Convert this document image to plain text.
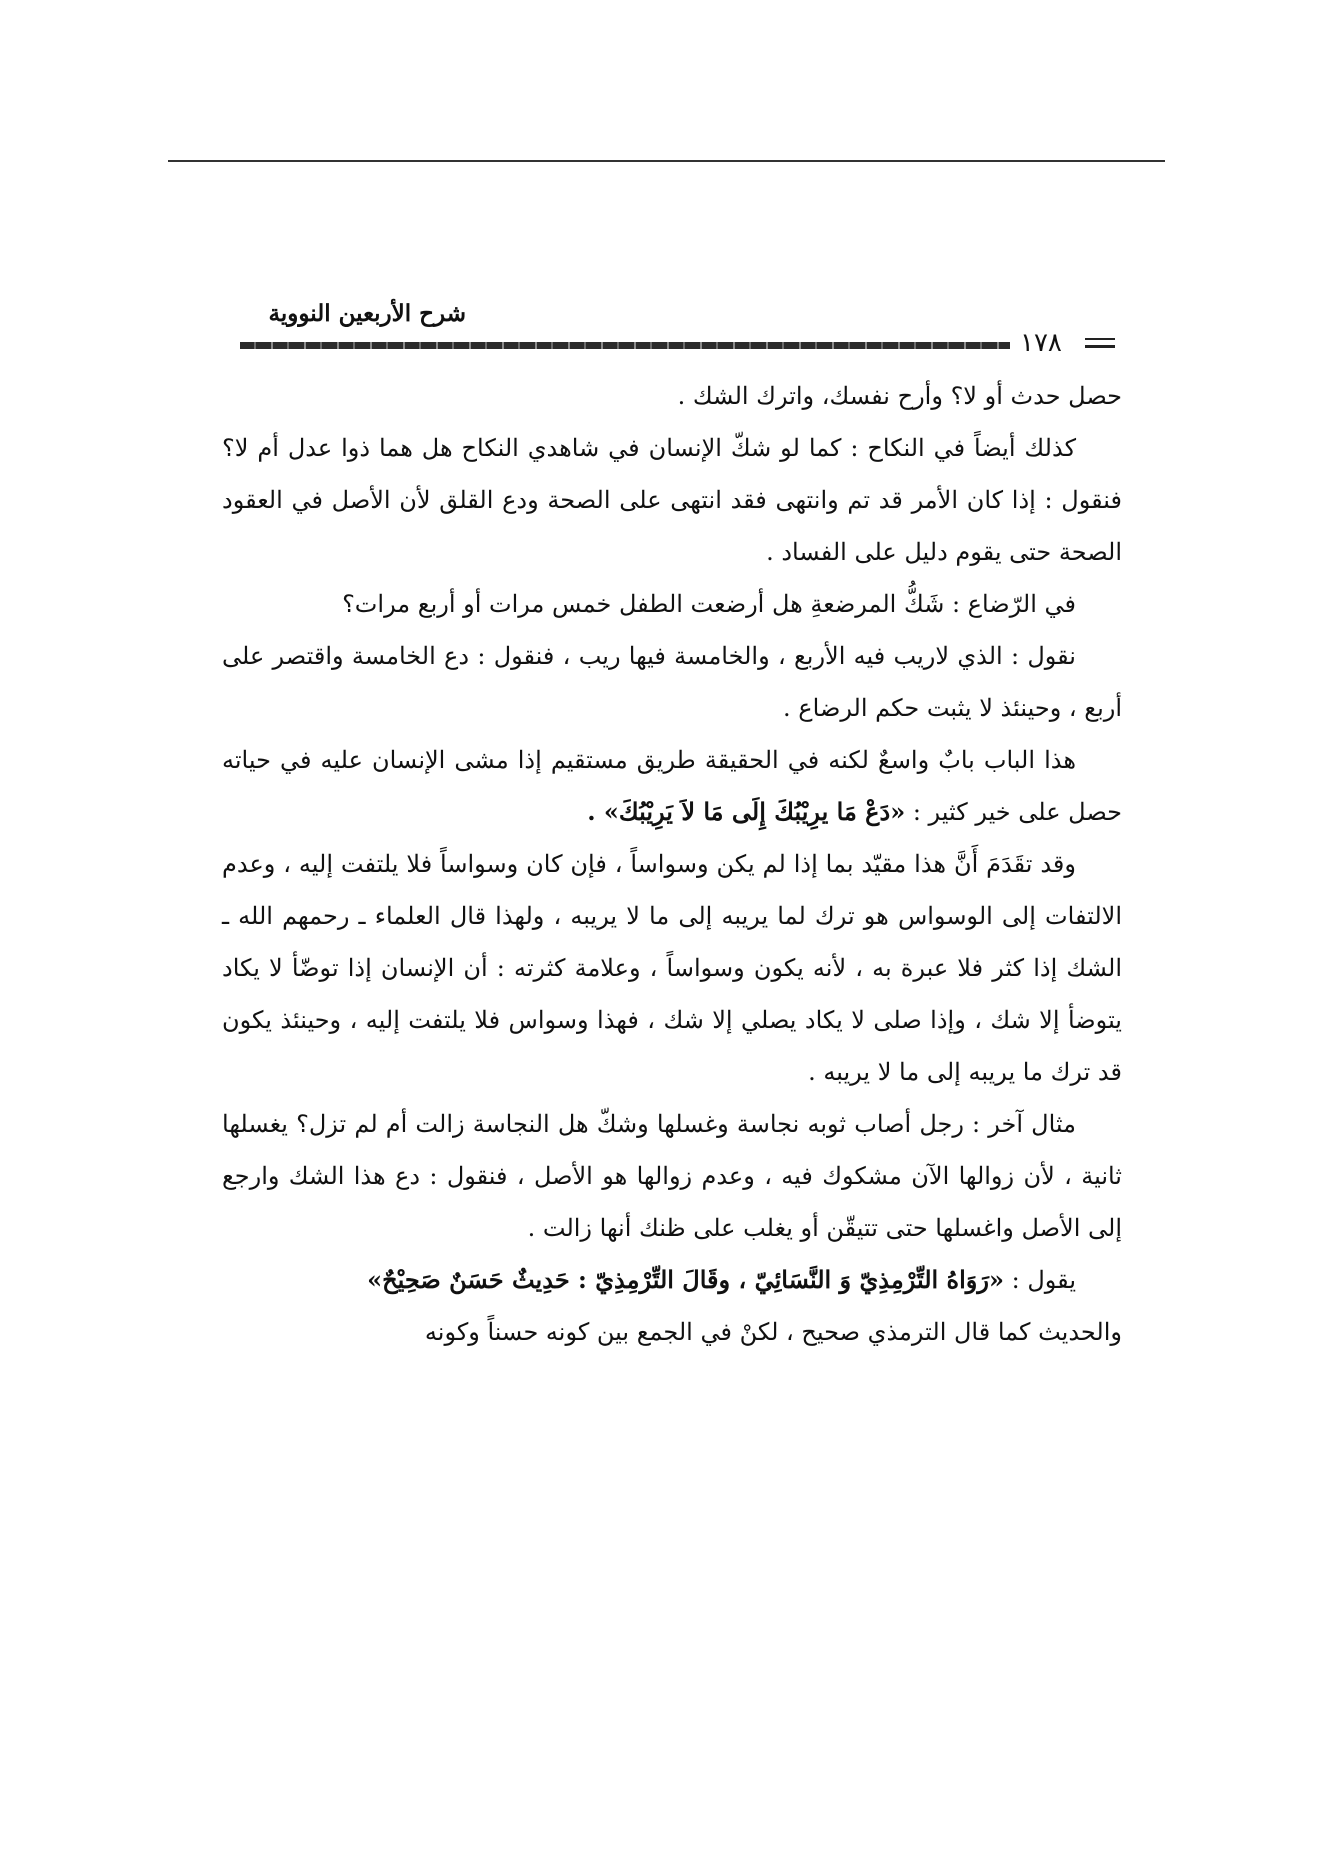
شرح الأربعين النووية
١٧٨

حصل حدث أو لا؟ وأرح نفسك، واترك الشك .

كذلك أيضاً في النكاح : كما لو شكّ الإنسان في شاهدي النكاح هل هما ذوا عدل أم لا؟ فنقول : إذا كان الأمر قد تم وانتهى فقد انتهى على الصحة ودع القلق لأن الأصل في العقود الصحة حتى يقوم دليل على الفساد .

في الرّضاع : شَكُّ المرضعةِ هل أرضعت الطفل خمس مرات أو أربع مرات؟

نقول : الذي لاريب فيه الأربع ، والخامسة فيها ريب ، فنقول : دع الخامسة واقتصر على أربع ، وحينئذ لا يثبت حكم الرضاع .

هذا الباب بابٌ واسعٌ لكنه في الحقيقة طريق مستقيم إذا مشى الإنسان عليه في حياته حصل على خير كثير : «دَعْ مَا يرِيْبُكَ إِلَى مَا لاَ يَرِيْبُكَ» .

وقد تقَدَمَ أَنَّ هذا مقيّد بما إذا لم يكن وسواساً ، فإن كان وسواساً فلا يلتفت إليه ، وعدم الالتفات إلى الوسواس هو ترك لما يريبه إلى ما لا يريبه ، ولهذا قال العلماء ـ رحمهم الله ـ الشك إذا كثر فلا عبرة به ، لأنه يكون وسواساً ، وعلامة كثرته : أن الإنسان إذا توضّأ لا يكاد يتوضأ إلا شك ، وإذا صلى لا يكاد يصلي إلا شك ، فهذا وسواس فلا يلتفت إليه ، وحينئذ يكون قد ترك ما يريبه إلى ما لا يريبه .

مثال آخر : رجل أصاب ثوبه نجاسة وغسلها وشكّ هل النجاسة زالت أم لم تزل؟ يغسلها ثانية ، لأن زوالها الآن مشكوك فيه ، وعدم زوالها هو الأصل ، فنقول : دع هذا الشك وارجع إلى الأصل واغسلها حتى تتيقّن أو يغلب على ظنك أنها زالت .

يقول : «رَوَاهُ التِّرْمِذِيّ وَ النَّسَائِيّ ، وقَالَ التِّرْمِذِيّ : حَدِيثٌ حَسَنٌ صَحِيْحٌ»

والحديث كما قال الترمذي صحيح ، لكنْ في الجمع بين كونه حسناً وكونه
